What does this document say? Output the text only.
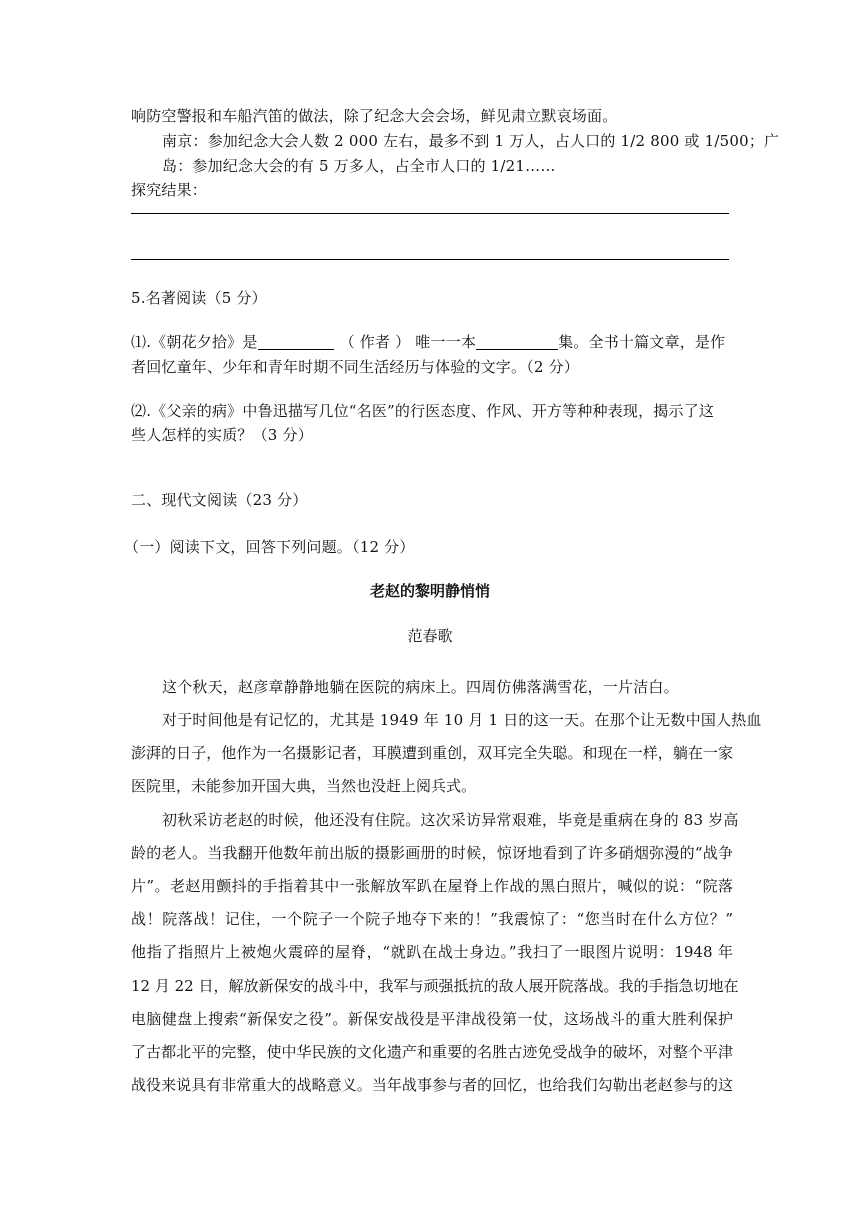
响防空警报和车船汽笛的做法，除了纪念大会会场，鲜见肃立默哀场面。
南京：参加纪念大会人数 2 000 左右，最多不到 1 万人，占人口的 1/2 800 或 1/500；广
岛：参加纪念大会的有 5 万多人，占全市人口的 1/21……
探究结果：
5.名著阅读（5 分）
⑴.《朝花夕拾》是	（ 作者 ） 唯一一本	集。全书十篇文章，是作
者回忆童年、少年和青年时期不同生活经历与体验的文字。（2 分）
⑵.《父亲的病》中鲁迅描写几位“名医”的行医态度、作风、开方等种种表现，揭示了这
些人怎样的实质？（3 分）
二、现代文阅读（23 分）
（一）阅读下文，回答下列问题。（12 分）
老赵的黎明静悄悄
范春歌
这个秋天，赵彦章静静地躺在医院的病床上。四周仿佛落满雪花，一片洁白。
对于时间他是有记忆的，尤其是 1949 年 10 月 1 日的这一天。在那个让无数中国人热血
澎湃的日子，他作为一名摄影记者，耳膜遭到重创，双耳完全失聪。和现在一样，躺在一家
医院里，未能参加开国大典，当然也没赶上阅兵式。
初秋采访老赵的时候，他还没有住院。这次采访异常艰难，毕竟是重病在身的 83 岁高
龄的老人。当我翻开他数年前出版的摄影画册的时候，惊讶地看到了许多硝烟弥漫的“战争
片”。老赵用颤抖的手指着其中一张解放军趴在屋脊上作战的黑白照片，喊似的说：“院落
战！院落战！记住，一个院子一个院子地夺下来的！”我震惊了：“您当时在什么方位？”
他指了指照片上被炮火震碎的屋脊，“就趴在战士身边。”我扫了一眼图片说明：1948 年
12 月 22 日，解放新保安的战斗中，我军与顽强抵抗的敌人展开院落战。我的手指急切地在
电脑健盘上搜索“新保安之役”。新保安战役是平津战役第一仗，这场战斗的重大胜利保护
了古都北平的完整，使中华民族的文化遗产和重要的名胜古迹免受战争的破坏，对整个平津
战役来说具有非常重大的战略意义。当年战事参与者的回忆，也给我们勾勒出老赵参与的这
